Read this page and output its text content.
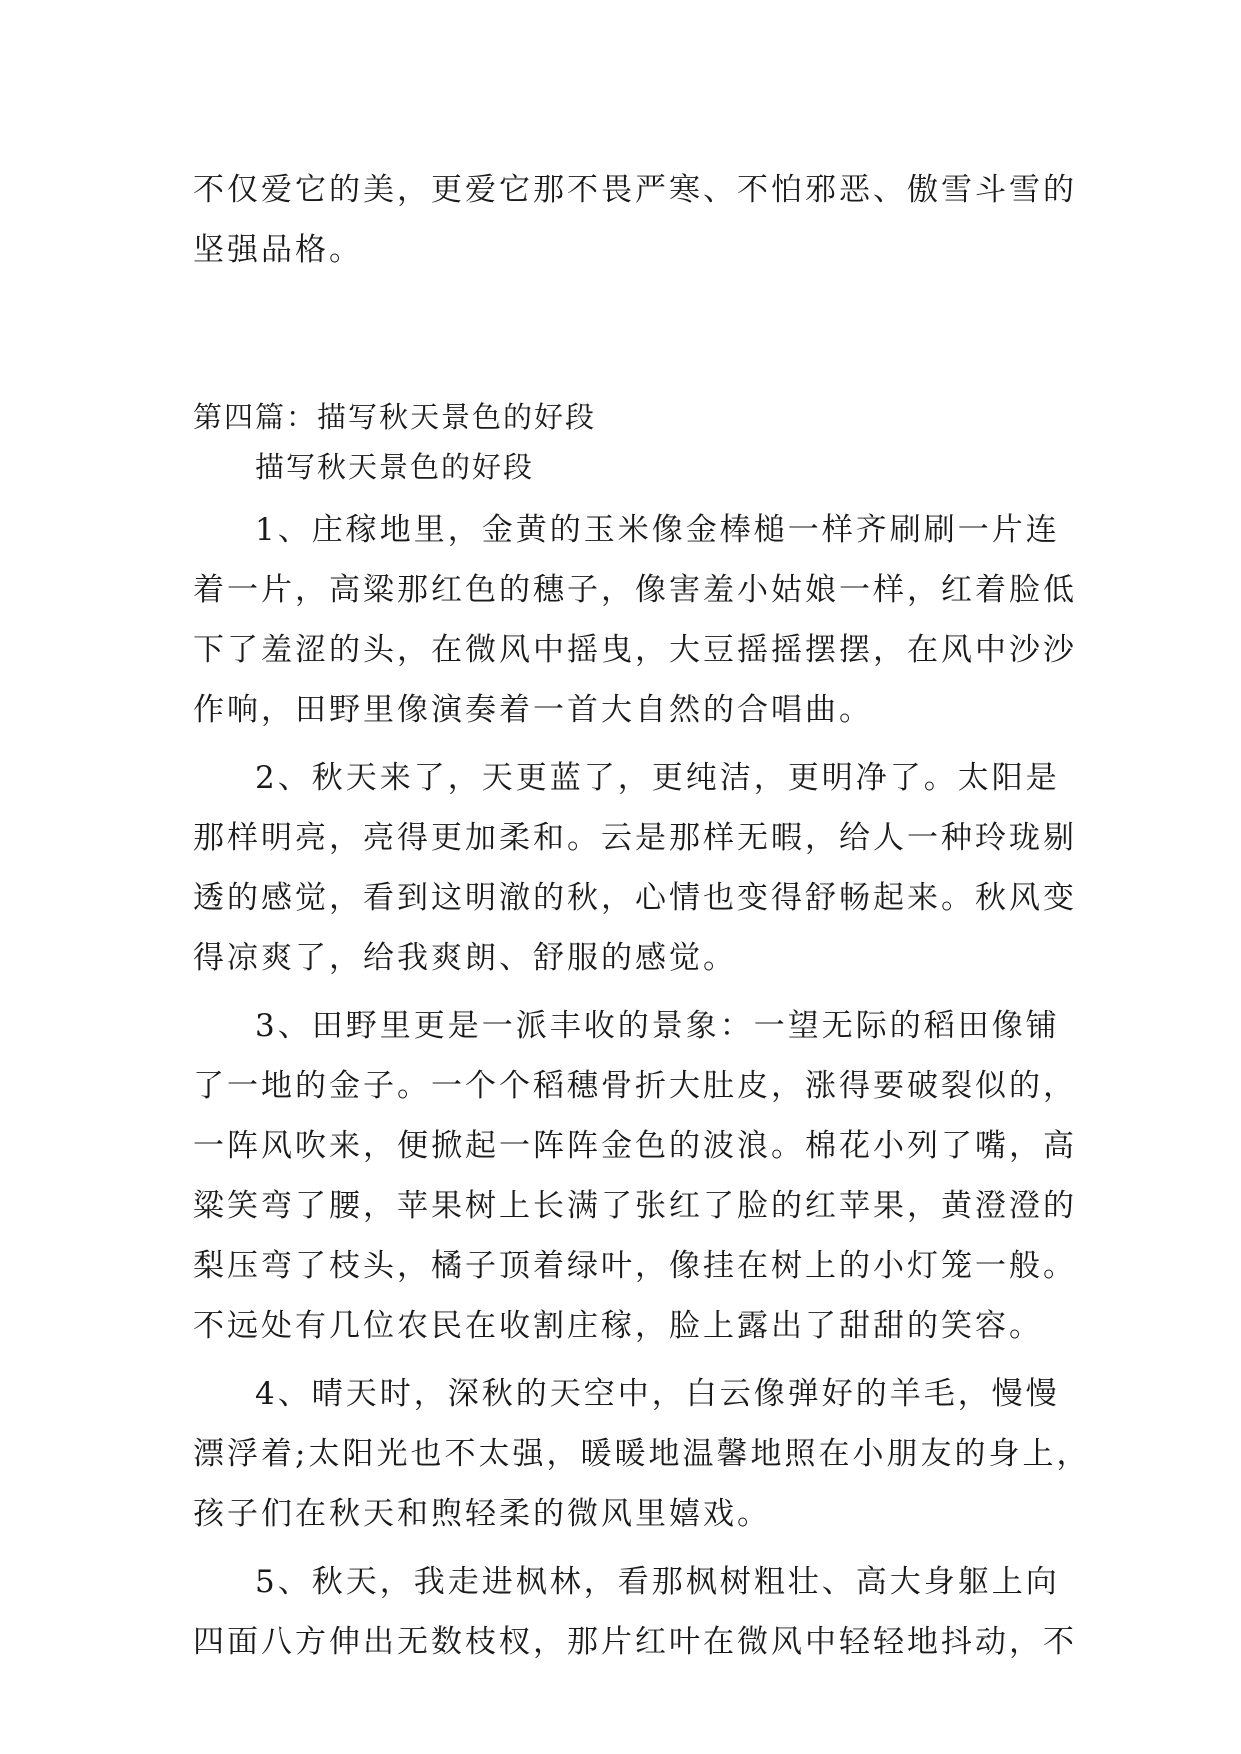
不仅爱它的美，更爱它那不畏严寒、不怕邪恶、傲雪斗雪的
坚强品格。
第四篇：描写秋天景色的好段
描写秋天景色的好段
1、庄稼地里，金黄的玉米像金棒槌一样齐刷刷一片连
着一片，高粱那红色的穗子，像害羞小姑娘一样，红着脸低
下了羞涩的头，在微风中摇曳，大豆摇摇摆摆，在风中沙沙
作响，田野里像演奏着一首大自然的合唱曲。
2、秋天来了，天更蓝了，更纯洁，更明净了。太阳是
那样明亮，亮得更加柔和。云是那样无暇，给人一种玲珑剔
透的感觉，看到这明澈的秋，心情也变得舒畅起来。秋风变
得凉爽了，给我爽朗、舒服的感觉。
3、田野里更是一派丰收的景象：一望无际的稻田像铺
了一地的金子。一个个稻穗骨折大肚皮，涨得要破裂似的，
一阵风吹来，便掀起一阵阵金色的波浪。棉花小列了嘴，高
粱笑弯了腰，苹果树上长满了张红了脸的红苹果，黄澄澄的
梨压弯了枝头，橘子顶着绿叶，像挂在树上的小灯笼一般。
不远处有几位农民在收割庄稼，脸上露出了甜甜的笑容。
4、晴天时，深秋的天空中，白云像弹好的羊毛，慢慢
漂浮着;太阳光也不太强，暖暖地温馨地照在小朋友的身上，
孩子们在秋天和煦轻柔的微风里嬉戏。
5、秋天，我走进枫林，看那枫树粗壮、高大身躯上向
四面八方伸出无数枝杈，那片红叶在微风中轻轻地抖动，不
